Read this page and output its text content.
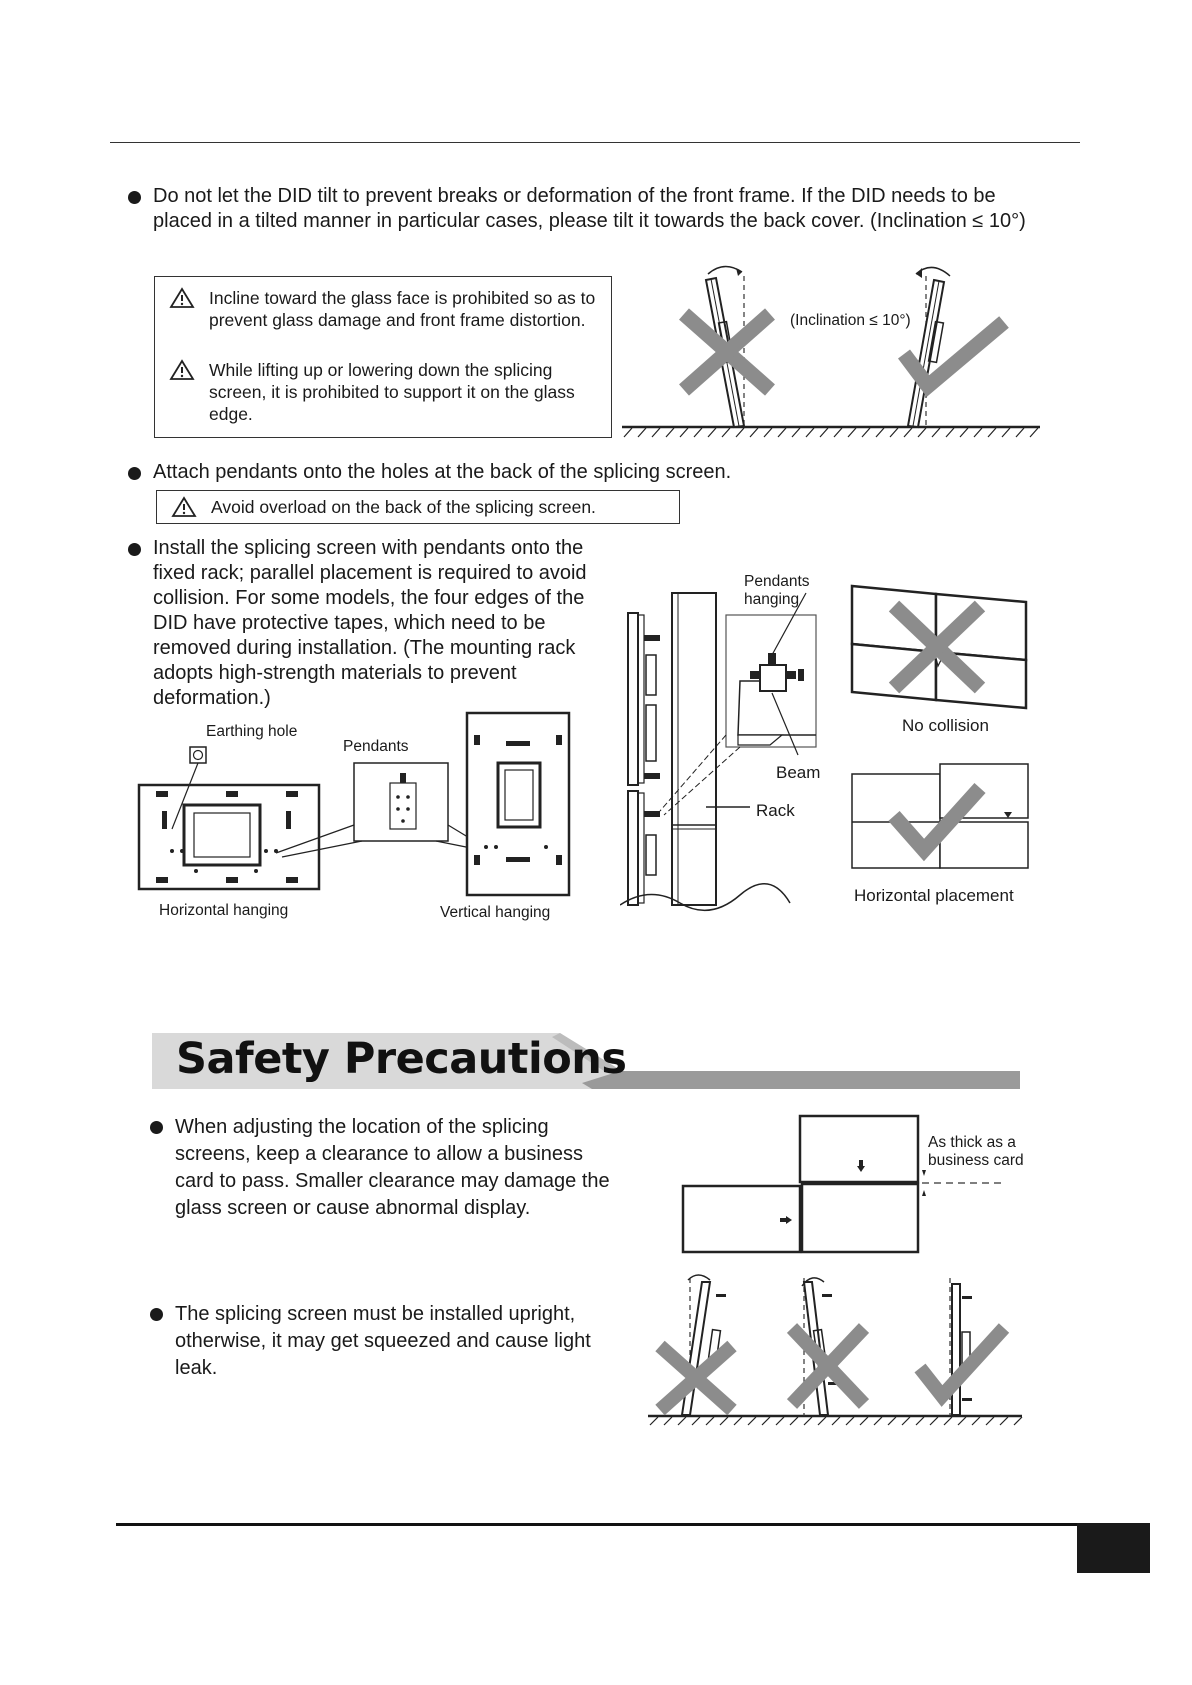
Do not let the DID tilt to prevent breaks or deformation of the front frame. If the DID needs to be placed in a tilted manner in particular cases, please tilt it towards the back cover. (Inclination ≤ 10°)
Incline toward the glass face is prohibited so as to prevent glass damage and front frame distortion.
While lifting up or lowering down the splicing screen, it is prohibited to support it on the glass edge.
(Inclination ≤ 10°)
Attach pendants onto the holes at the back of the splicing screen.
Avoid overload on the back of the splicing screen.
Install the splicing screen with pendants onto the fixed rack; parallel placement is required to avoid collision. For some models, the four edges of the DID have protective tapes, which need to be removed during installation. (The mounting rack adopts high-strength materials to prevent deformation.)
Earthing hole
Pendants
Horizontal hanging	Vertical hanging
Pendants
hanging
Beam
Rack
No collision
Horizontal placement
Safety Precautions
When adjusting the location of the splicing screens, keep a clearance to allow a business card to pass. Smaller clearance may damage the glass screen or cause abnormal display.
As thick as a
business card
The splicing screen must be installed upright, otherwise, it may get squeezed and cause light leak.
